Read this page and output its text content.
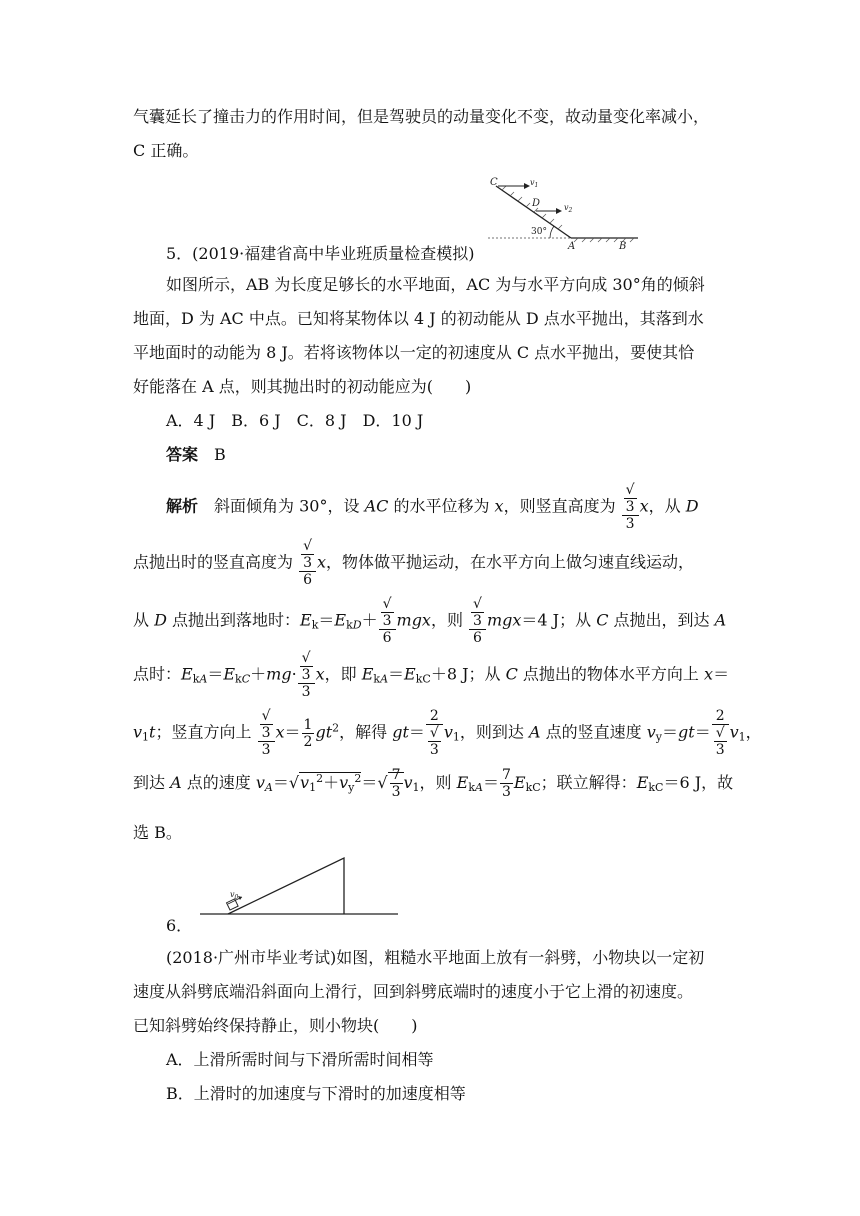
气囊延长了撞击力的作用时间，但是驾驶员的动量变化不变，故动量变化率减小，
C 正确。
C
D
$v_1$
$v_2$
30°
A	B
5．(2019·福建省高中毕业班质量检查模拟)
如图所示，AB 为长度足够长的水平地面，AC 为与水平方向成 30°角的倾斜
地面，D 为 AC 中点。已知将某物体以 4 J 的初动能从 D 点水平抛出，其落到水
平地面时的动能为 8 J。若将该物体以一定的初速度从 C 点水平抛出，要使其恰
好能落在 A 点，则其抛出时的初动能应为(　　)
A．4 J　B．6 J　C．8 J　D．10 J
答案　 B
解析　斜面倾角为 30°，设 AC 的水平位移为 x，则竖直高度为 √
3
3 x，从 D
点抛出时的竖直高度为 √
3
6 x，物体做平抛运动，在水平方向上做匀速直线运动，
从 D 点抛出到落地时：$E_k=E_{kD}+$ √
3
6 mgx，则 √
3
6 mgx＝4 J；从 C 点抛出，到达 A
点时：$E_{kA}=E_{kC}+mg\cdot$ √
3
3 x，即 $E_{kA}=E_{kC}+8$ J；从 C 点抛出的物体水平方向上 x＝
$v_1t$；竖直方向上 √
3
3 $x= \frac{1}{2} gt^2$，解得 gt＝ 2
√
3 $v_1$，则到达 A 点的竖直速度 $v_y=gt= 2$
√
3 $v_1$，
到达 A 点的速度 $v_A=√v_1^2+v_y^2=√ \frac{7}{3} v_1$，则 $E_{kA}= \frac{7}{3} E_{kC}$；联立解得：$E_{kC}=6$ J，故
选 B。
$v_0$
6．
(2018·广州市毕业考试)如图，粗糙水平地面上放有一斜劈，小物块以一定初
速度从斜劈底端沿斜面向上滑行，回到斜劈底端时的速度小于它上滑的初速度。
已知斜劈始终保持静止，则小物块(　　)
A．上滑所需时间与下滑所需时间相等
B．上滑时的加速度与下滑时的加速度相等
